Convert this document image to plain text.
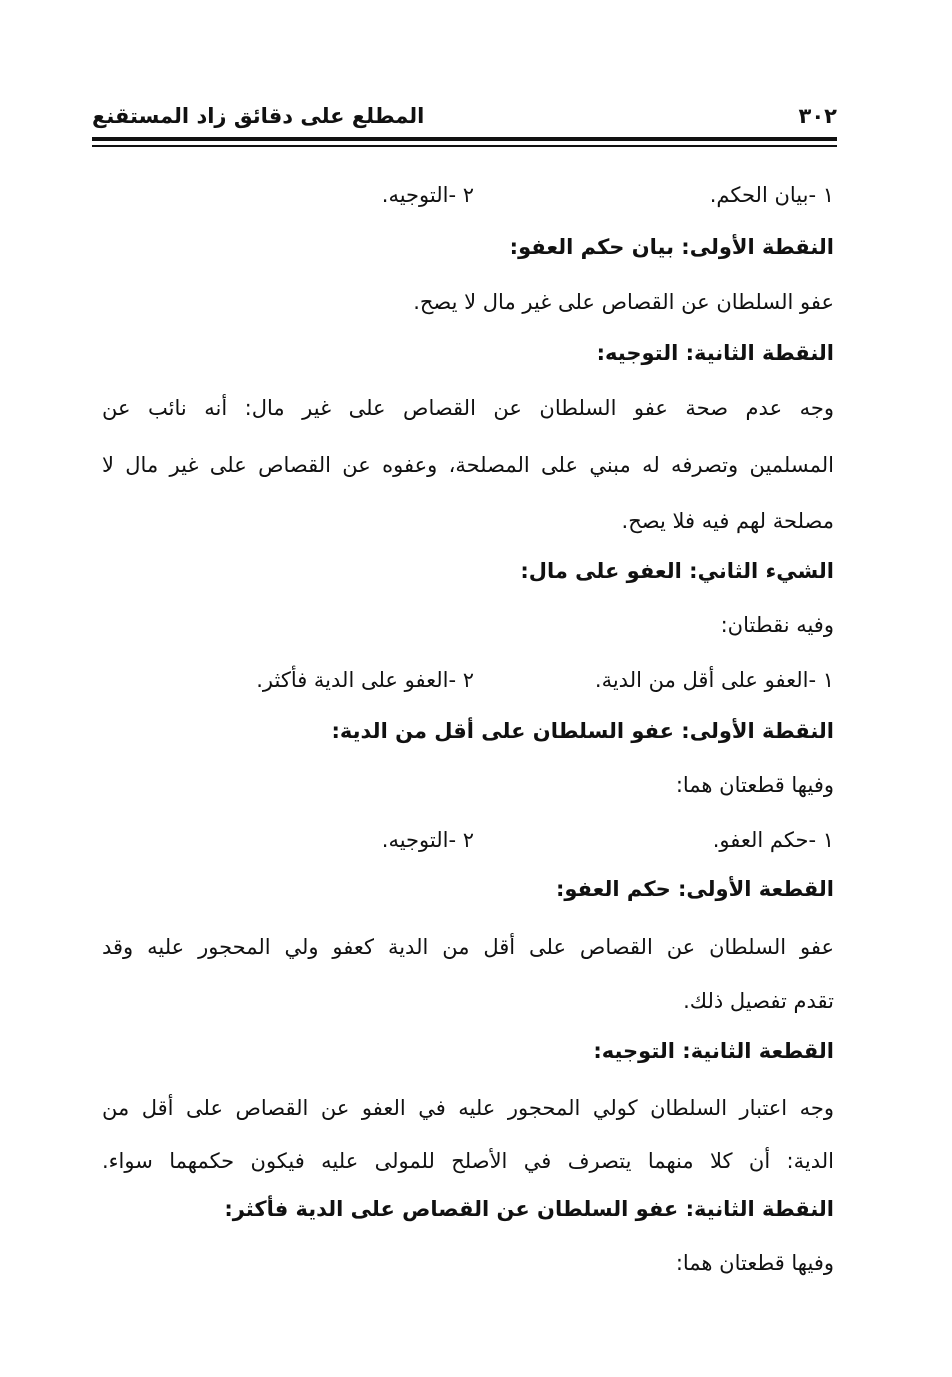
٣٠٢
المطلع على دقائق زاد المستقنع
١ -بيان الحكم.
٢ -التوجيه.
النقطة الأولى: بيان حكم العفو:
عفو السلطان عن القصاص على غير مال لا يصح.
النقطة الثانية: التوجيه:
وجه عدم صحة عفو السلطان عن القصاص على غير مال: أنه نائب عن
المسلمين وتصرفه له مبني على المصلحة، وعفوه عن القصاص على غير مال لا
مصلحة لهم فيه فلا يصح.
الشيء الثاني: العفو على مال:
وفيه نقطتان:
١ -العفو على أقل من الدية.
٢ -العفو على الدية فأكثر.
النقطة الأولى: عفو السلطان على أقل من الدية:
وفيها قطعتان هما:
١ -حكم العفو.
٢ -التوجيه.
القطعة الأولى: حكم العفو:
عفو السلطان عن القصاص على أقل من الدية كعفو ولي المحجور عليه وقد
تقدم تفصيل ذلك.
القطعة الثانية: التوجيه:
وجه اعتبار السلطان كولي المحجور عليه في العفو عن القصاص على أقل من
الدية: أن كلا منهما يتصرف في الأصلح للمولى عليه فيكون حكمهما سواء.
النقطة الثانية: عفو السلطان عن القصاص على الدية فأكثر:
وفيها قطعتان هما:
